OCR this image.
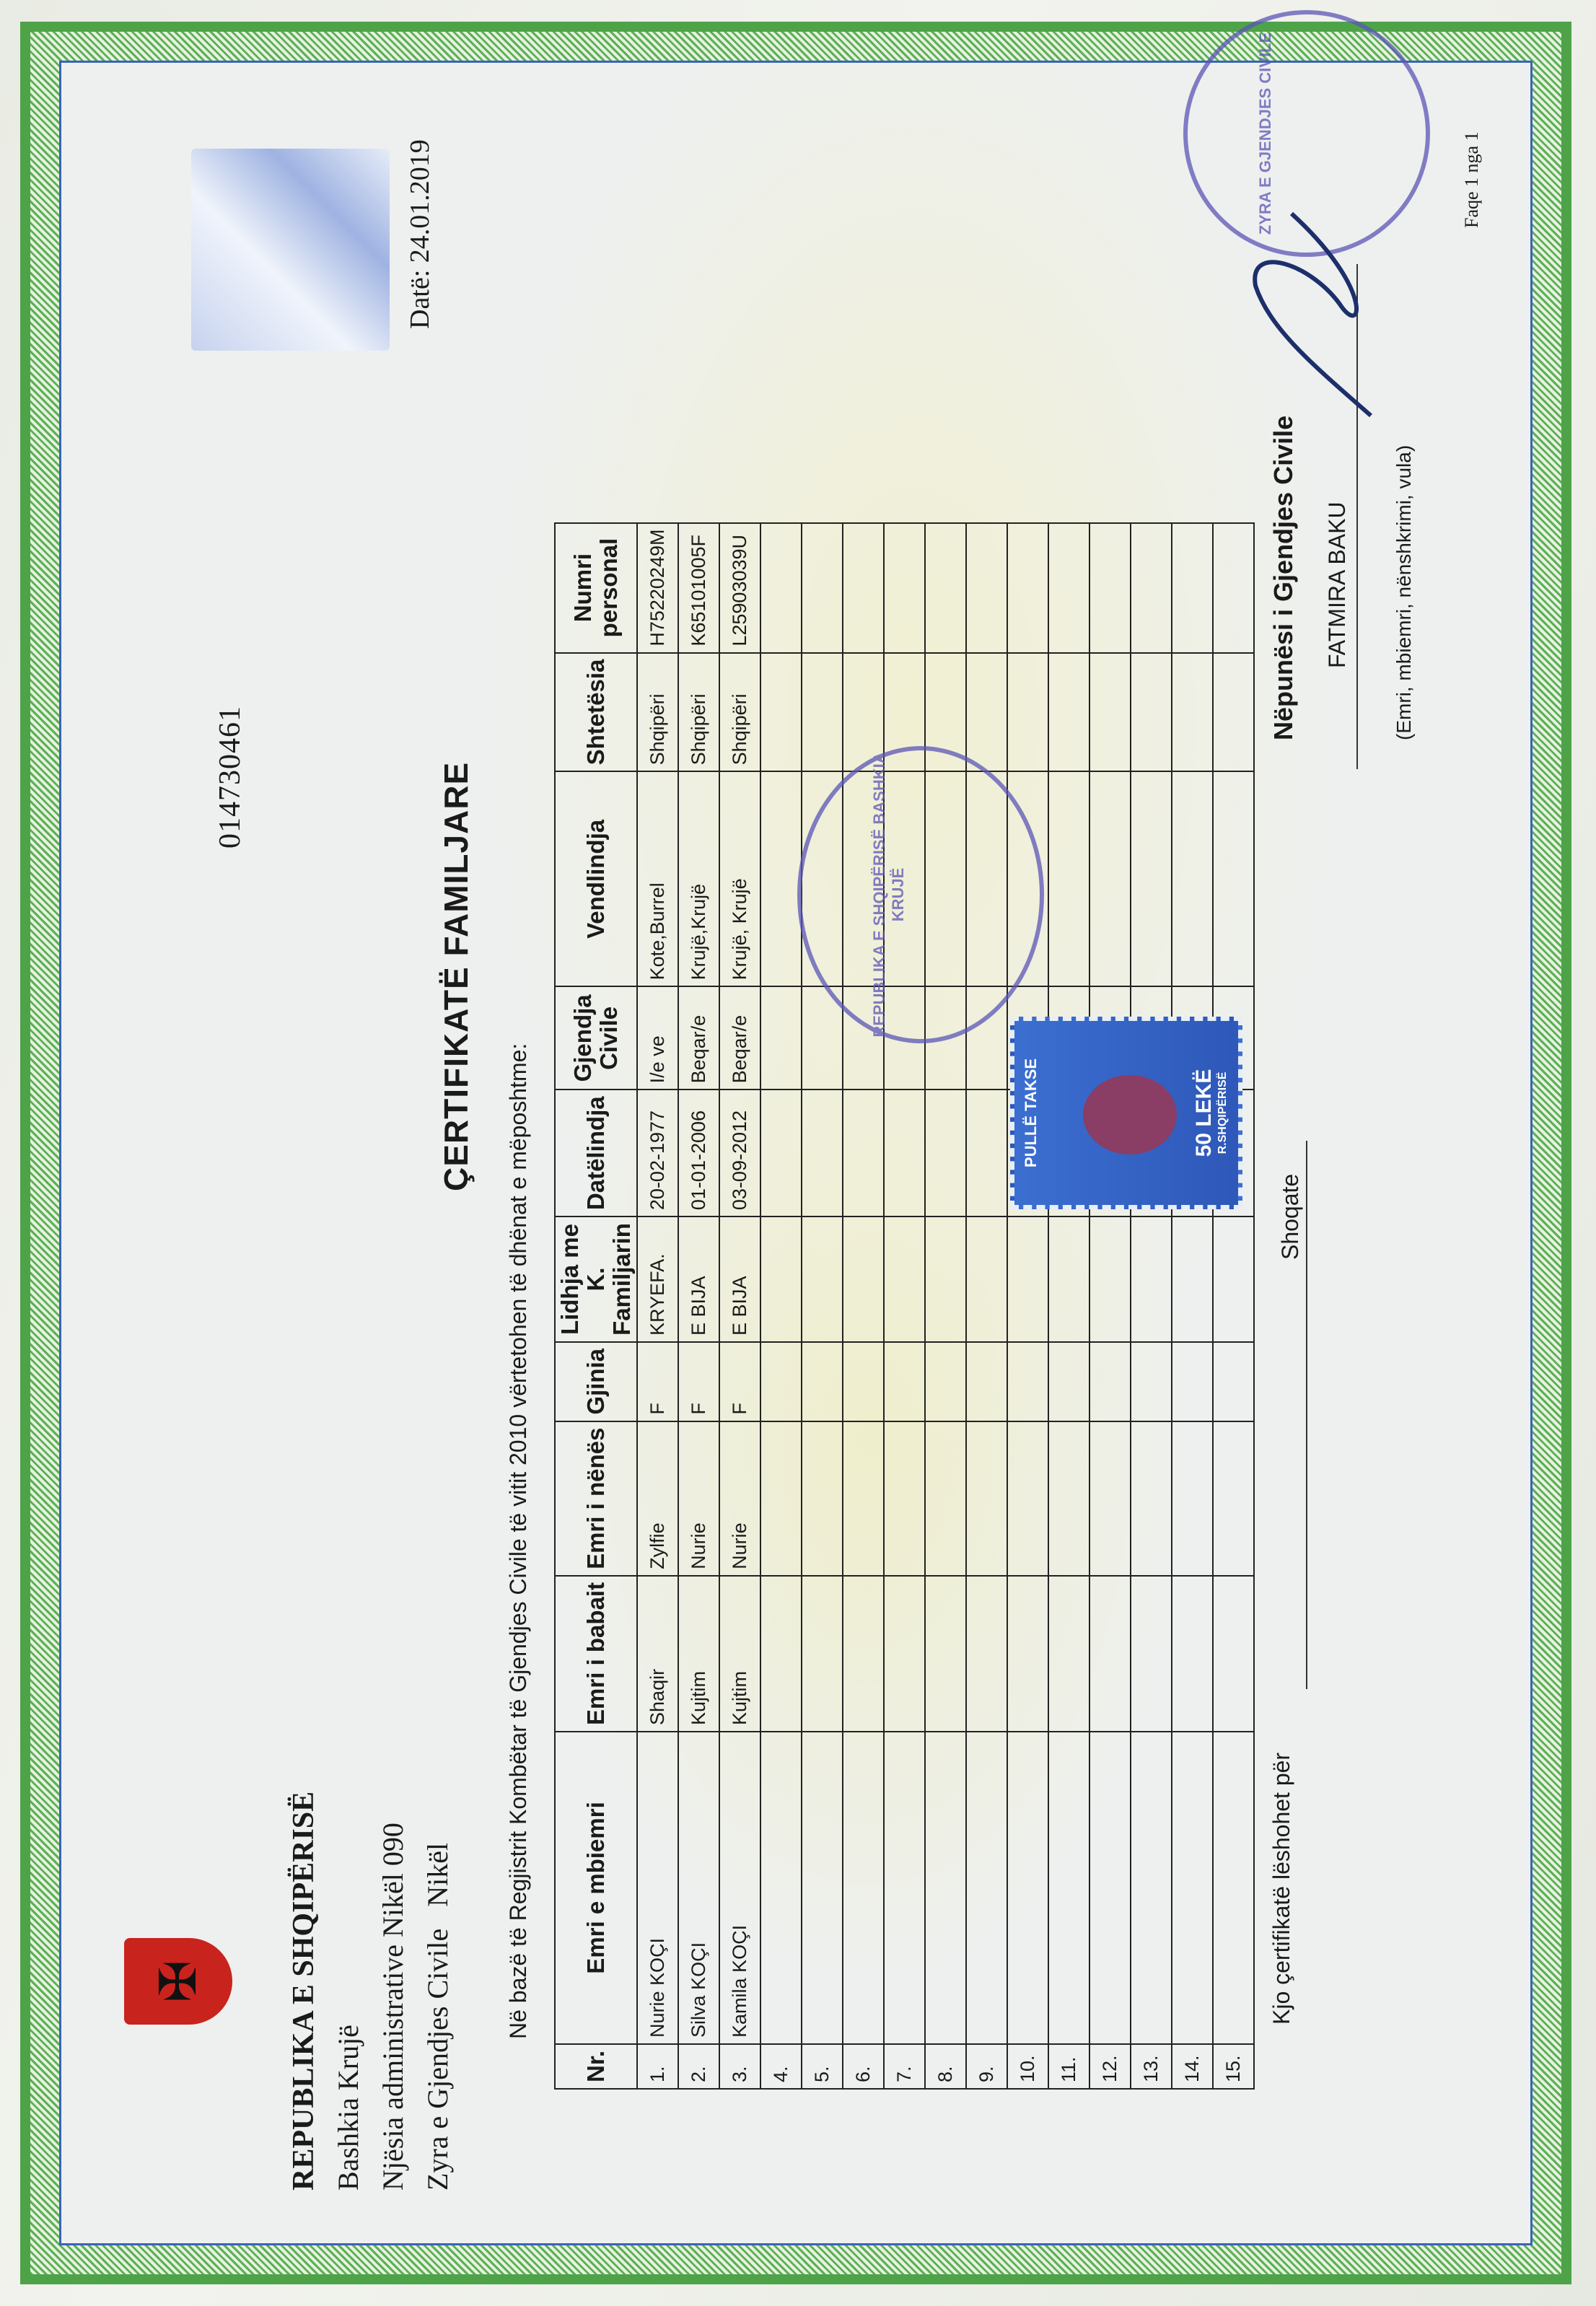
✠	REPUBLIKA E SHQIPËRISË Bashkia Krujë Njësia administrative Nikël 090 Zyra e Gjendjes Civile   Nikël
014730461
Datë: 24.01.2019
ÇERTIFIKATË FAMILJARE
Në bazë të Regjistrit Kombëtar të Gjendjes Civile të vitit 2010 vërtetohen të dhënat e mëposhtme:
Nr.	Emri e mbiemri	Emri i babait	Emri i nënës	Gjinia	Lidhja me K. Familjarin	Datëlindja	Gjendja Civile	Vendlindja	Shtetësia	Numri personal
1.	Nurie KOÇI	Shaqir	Zylfie	F	KRYEFA.	20-02-1977	I/e ve	Kote,Burrel	Shqipëri	H75220249M
2.	Silva KOÇI	Kujtim	Nurie	F	E BIJA	01-01-2006	Beqar/e	Krujë,Krujë	Shqipëri	K65101005F
3.	Kamila KOÇI	Kujtim	Nurie	F	E BIJA	03-09-2012	Beqar/e	Krujë, Krujë	Shqipëri	L25903039U
4.										
5.										
6.										
7.										
8.										
9.										
10.										
11.										
12.										
13.										
14.										
15.										
REPUBLIKA E SHQIPËRISË BASHKIA KRUJË
PULLË TAKSE	50 LEKË R.SHQIPËRISË
Kjo çertifikatë lëshohet për
Shoqate
Nëpunësi i Gjendjes Civile FATMIRA BAKU (Emri, mbiemri, nënshkrimi, vula)
ZYRA E GJENDJES CIVILE	Faqe 1 nga 1
